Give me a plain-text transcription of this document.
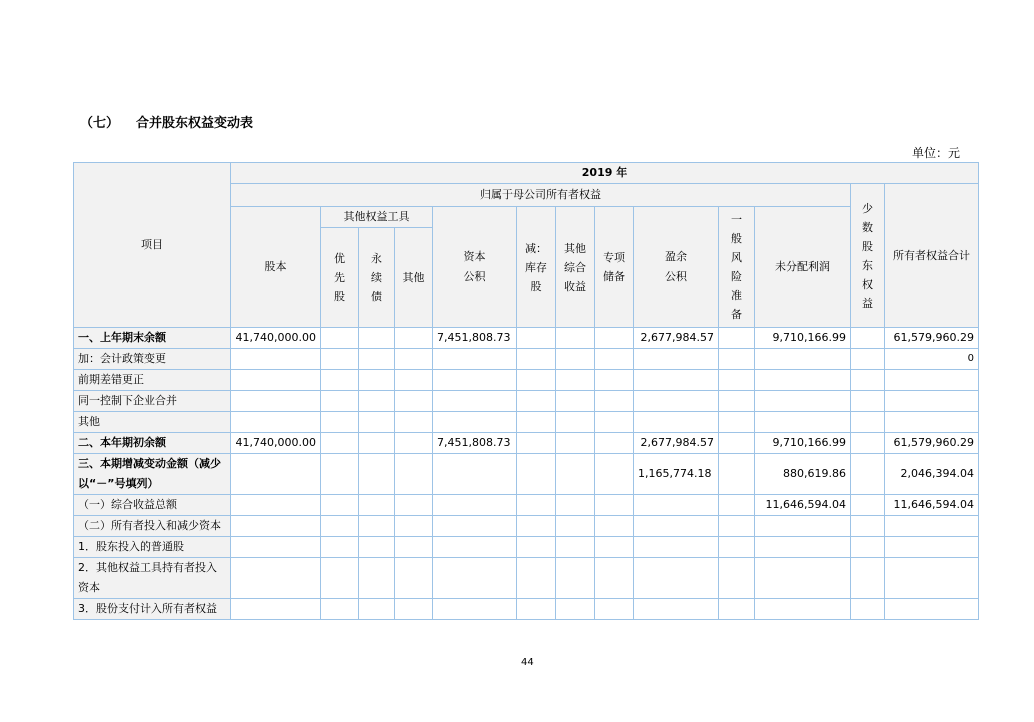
（七） 合并股东权益变动表
单位：元
项目	2019 年												
	归属于母公司所有者权益											少数股东权益	所有者权益合计
	股本	其他权益工具			资本公积	减：库存股	其他综合收益	专项储备	盈余公积	一般风险准备	未分配利润		
		优先股	永续债	其他									
一、上年期末余额	41,740,000.00				7,451,808.73				2,677,984.57		9,710,166.99		61,579,960.29
加：会计政策变更													0
前期差错更正													
同一控制下企业合并													
其他													
二、本年期初余额	41,740,000.00				7,451,808.73				2,677,984.57		9,710,166.99		61,579,960.29
三、本期增减变动金额（减少以“－”号填列）									1,165,774.18		880,619.86		2,046,394.04
（一）综合收益总额											11,646,594.04		11,646,594.04
（二）所有者投入和减少资本													
1．股东投入的普通股													
2．其他权益工具持有者投入资本													
3．股份支付计入所有者权益													
44
